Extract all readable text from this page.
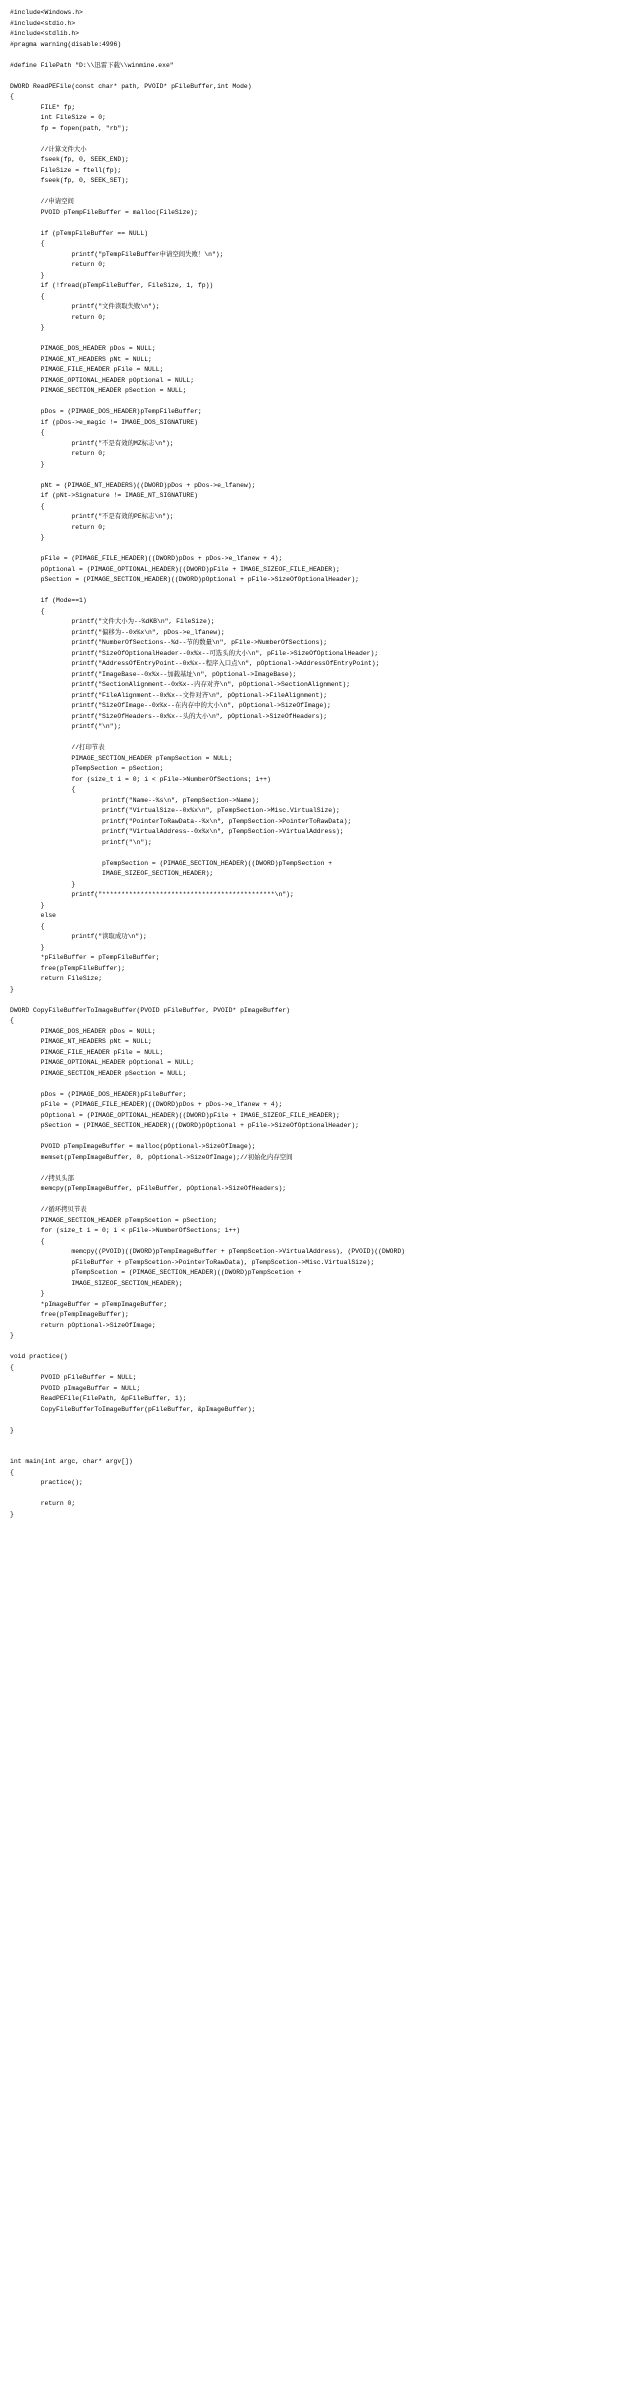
#include<Windows.h>
#include<stdio.h>
#include<stdlib.h>
#pragma warning(disable:4996)

#define FilePath "D:\\迅雷下载\\winmine.exe"

DWORD ReadPEFile(const char* path, PVOID* pFileBuffer,int Mode)
{
FILE* fp;
int FileSize = 0;
fp = fopen(path, "rb");

//计算文件大小
fseek(fp, 0, SEEK_END);
FileSize = ftell(fp);
fseek(fp, 0, SEEK_SET);

//申请空间
PVOID pTempFileBuffer = malloc(FileSize);

if (pTempFileBuffer == NULL)
{
printf("pTempFileBuffer申请空间失败！\n");
return 0;
}
if (!fread(pTempFileBuffer, FileSize, 1, fp))
{
printf("文件读取失败\n");
return 0;
}

PIMAGE_DOS_HEADER pDos = NULL;
PIMAGE_NT_HEADERS pNt = NULL;
PIMAGE_FILE_HEADER pFile = NULL;
PIMAGE_OPTIONAL_HEADER pOptional = NULL;
PIMAGE_SECTION_HEADER pSection = NULL;

pDos = (PIMAGE_DOS_HEADER)pTempFileBuffer;
if (pDos->e_magic != IMAGE_DOS_SIGNATURE)
{
printf("不是有效的MZ标志\n");
return 0;
}

pNt = (PIMAGE_NT_HEADERS)((DWORD)pDos + pDos->e_lfanew);
if (pNt->Signature != IMAGE_NT_SIGNATURE)
{
printf("不是有效的PE标志\n");
return 0;
}

pFile = (PIMAGE_FILE_HEADER)((DWORD)pDos + pDos->e_lfanew + 4);
pOptional = (PIMAGE_OPTIONAL_HEADER)((DWORD)pFile + IMAGE_SIZEOF_FILE_HEADER);
pSection = (PIMAGE_SECTION_HEADER)((DWORD)pOptional + pFile->SizeOfOptionalHeader);

if (Mode==1)
{
printf("文件大小为--%dKB\n", FileSize);
printf("偏移为--0x%x\n", pDos->e_lfanew);
printf("NumberOfSections--%d--节的数量\n", pFile->NumberOfSections);
printf("SizeOfOptionalHeader--0x%x--可选头的大小\n", pFile->SizeOfOptionalHeader);
printf("AddressOfEntryPoint--0x%x--程序入口点\n", pOptional->AddressOfEntryPoint);
printf("ImageBase--0x%x--加载基址\n", pOptional->ImageBase);
printf("SectionAlignment--0x%x--内存对齐\n", pOptional->SectionAlignment);
printf("FileAlignment--0x%x--文件对齐\n", pOptional->FileAlignment);
printf("SizeOfImage--0x%x--在内存中的大小\n", pOptional->SizeOfImage);
printf("SizeOfHeaders--0x%x--头的大小\n", pOptional->SizeOfHeaders);
printf("\n");

//打印节表
PIMAGE_SECTION_HEADER pTempSection = NULL;
pTempSection = pSection;
for (size_t i = 0; i < pFile->NumberOfSections; i++)
{
printf("Name--%s\n", pTempSection->Name);
printf("VirtualSize--0x%x\n", pTempSection->Misc.VirtualSize);
printf("PointerToRawData--%x\n", pTempSection->PointerToRawData);
printf("VirtualAddress--0x%x\n", pTempSection->VirtualAddress);
printf("\n");

pTempSection = (PIMAGE_SECTION_HEADER)((DWORD)pTempSection +
IMAGE_SIZEOF_SECTION_HEADER);
}
printf("*********************************************\n");
}
else
{
printf("读取成功\n");
}
*pFileBuffer = pTempFileBuffer;
free(pTempFileBuffer);
return FileSize;
}

DWORD CopyFileBufferToImageBuffer(PVOID pFileBuffer, PVOID* pImageBuffer)
{
PIMAGE_DOS_HEADER pDos = NULL;
PIMAGE_NT_HEADERS pNt = NULL;
PIMAGE_FILE_HEADER pFile = NULL;
PIMAGE_OPTIONAL_HEADER pOptional = NULL;
PIMAGE_SECTION_HEADER pSection = NULL;

pDos = (PIMAGE_DOS_HEADER)pFileBuffer;
pFile = (PIMAGE_FILE_HEADER)((DWORD)pDos + pDos->e_lfanew + 4);
pOptional = (PIMAGE_OPTIONAL_HEADER)((DWORD)pFile + IMAGE_SIZEOF_FILE_HEADER);
pSection = (PIMAGE_SECTION_HEADER)((DWORD)pOptional + pFile->SizeOfOptionalHeader);

PVOID pTempImageBuffer = malloc(pOptional->SizeOfImage);
memset(pTempImageBuffer, 0, pOptional->SizeOfImage);//初始化内存空间

//拷贝头部
memcpy(pTempImageBuffer, pFileBuffer, pOptional->SizeOfHeaders);

//循环拷贝节表
PIMAGE_SECTION_HEADER pTempScetion = pSection;
for (size_t i = 0; i < pFile->NumberOfSections; i++)
{
memcpy((PVOID)((DWORD)pTempImageBuffer + pTempScetion->VirtualAddress), (PVOID)((DWORD)
pFileBuffer + pTempScetion->PointerToRawData), pTempScetion->Misc.VirtualSize);
pTempScetion = (PIMAGE_SECTION_HEADER)((DWORD)pTempScetion +
IMAGE_SIZEOF_SECTION_HEADER);
}
*pImageBuffer = pTempImageBuffer;
free(pTempImageBuffer);
return pOptional->SizeOfImage;
}

void practice()
{
PVOID pFileBuffer = NULL;
PVOID pImageBuffer = NULL;
ReadPEFile(FilePath, &pFileBuffer, 1);
CopyFileBufferToImageBuffer(pFileBuffer, &pImageBuffer);

}

int main(int argc, char* argv[])
{
practice();

return 0;
}
